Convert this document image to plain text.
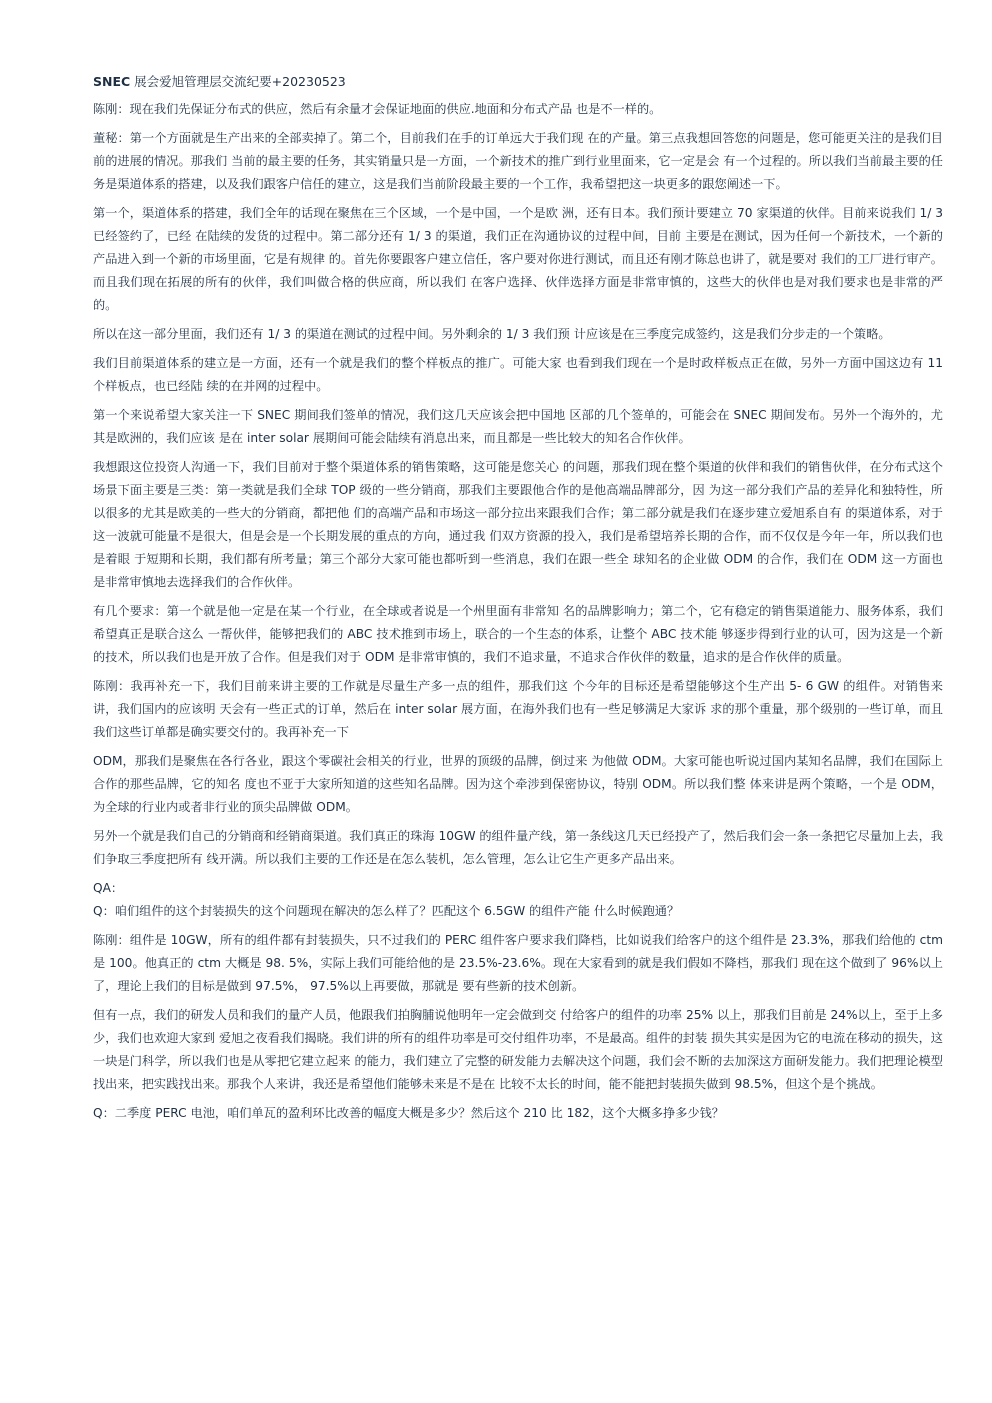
SNEC 展会爱旭管理层交流纪要+20230523

陈刚：现在我们先保证分布式的供应，然后有余量才会保证地面的供应.地面和分布式产品 也是不一样的。

董秘：第一个方面就是生产出来的全部卖掉了。第二个，目前我们在手的订单远大于我们现 在的产量。第三点我想回答您的问题是，您可能更关注的是我们目前的进展的情况。那我们 当前的最主要的任务，其实销量只是一方面，一个新技术的推广到行业里面来，它一定是会 有一个过程的。所以我们当前最主要的任务是渠道体系的搭建，以及我们跟客户信任的建立，这是我们当前阶段最主要的一个工作，我希望把这一块更多的跟您阐述一下。

第一个，渠道体系的搭建，我们全年的话现在聚焦在三个区域，一个是中国，一个是欧 洲，还有日本。我们预计要建立 70 家渠道的伙伴。目前来说我们 1/ 3 已经签约了，已经 在陆续的发货的过程中。第二部分还有 1/ 3 的渠道，我们正在沟通协议的过程中间，目前 主要是在测试，因为任何一个新技术，一个新的产品进入到一个新的市场里面，它是有规律 的。首先你要跟客户建立信任，客户要对你进行测试，而且还有刚才陈总也讲了，就是要对 我们的工厂进行审产。而且我们现在拓展的所有的伙伴，我们叫做合格的供应商，所以我们 在客户选择、伙伴选择方面是非常审慎的，这些大的伙伴也是对我们要求也是非常的严的。

所以在这一部分里面，我们还有 1/ 3 的渠道在测试的过程中间。另外剩余的 1/ 3 我们预 计应该是在三季度完成签约，这是我们分步走的一个策略。

我们目前渠道体系的建立是一方面，还有一个就是我们的整个样板点的推广。可能大家 也看到我们现在一个是时政样板点正在做，另外一方面中国这边有 11 个样板点，也已经陆 续的在并网的过程中。

第一个来说希望大家关注一下 SNEC 期间我们签单的情况，我们这几天应该会把中国地 区部的几个签单的，可能会在 SNEC 期间发布。另外一个海外的，尤其是欧洲的，我们应该 是在 inter solar 展期间可能会陆续有消息出来，而且都是一些比较大的知名合作伙伴。

我想跟这位投资人沟通一下，我们目前对于整个渠道体系的销售策略，这可能是您关心 的问题，那我们现在整个渠道的伙伴和我们的销售伙伴，在分布式这个场景下面主要是三类：第一类就是我们全球 TOP 级的一些分销商，那我们主要跟他合作的是他高端品牌部分，因 为这一部分我们产品的差异化和独特性，所以很多的尤其是欧美的一些大的分销商，都把他 们的高端产品和市场这一部分拉出来跟我们合作；第二部分就是我们在逐步建立爱旭系自有 的渠道体系，对于这一波就可能量不是很大，但是会是一个长期发展的重点的方向，通过我 们双方资源的投入，我们是希望培养长期的合作，而不仅仅是今年一年，所以我们也是着眼 于短期和长期，我们都有所考量；第三个部分大家可能也都听到一些消息，我们在跟一些全 球知名的企业做 ODM 的合作，我们在 ODM 这一方面也是非常审慎地去选择我们的合作伙伴。

有几个要求：第一个就是他一定是在某一个行业，在全球或者说是一个州里面有非常知 名的品牌影响力；第二个，它有稳定的销售渠道能力、服务体系，我们希望真正是联合这么 一帮伙伴，能够把我们的 ABC 技术推到市场上，联合的一个生态的体系，让整个 ABC 技术能 够逐步得到行业的认可，因为这是一个新的技术，所以我们也是开放了合作。但是我们对于 ODM 是非常审慎的，我们不追求量，不追求合作伙伴的数量，追求的是合作伙伴的质量。

陈刚：我再补充一下，我们目前来讲主要的工作就是尽量生产多一点的组件，那我们这 个今年的目标还是希望能够这个生产出 5- 6 GW 的组件。对销售来讲，我们国内的应该明 天会有一些正式的订单，然后在 inter solar 展方面，在海外我们也有一些足够满足大家诉 求的那个重量，那个级别的一些订单，而且我们这些订单都是确实要交付的。我再补充一下

ODM，那我们是聚焦在各行各业，跟这个零碳社会相关的行业，世界的顶级的品牌，倒过来 为他做 ODM。大家可能也听说过国内某知名品牌，我们在国际上合作的那些品牌，它的知名 度也不亚于大家所知道的这些知名品牌。因为这个牵涉到保密协议，特别 ODM。所以我们整 体来讲是两个策略，一个是 ODM，为全球的行业内或者非行业的顶尖品牌做 ODM。

另外一个就是我们自己的分销商和经销商渠道。我们真正的珠海 10GW 的组件量产线，第一条线这几天已经投产了，然后我们会一条一条把它尽量加上去，我们争取三季度把所有 线开满。所以我们主要的工作还是在怎么装机，怎么管理，怎么让它生产更多产品出来。

QA：

Q：咱们组件的这个封装损失的这个问题现在解决的怎么样了？匹配这个 6.5GW 的组件产能 什么时候跑通？

陈刚：组件是 10GW，所有的组件都有封装损失，只不过我们的 PERC 组件客户要求我们降档，比如说我们给客户的这个组件是 23.3%，那我们给他的 ctm 是 100。他真正的 ctm 大概是 98. 5%，实际上我们可能给他的是 23.5%-23.6%。现在大家看到的就是我们假如不降档，那我们 现在这个做到了 96%以上了，理论上我们的目标是做到 97.5%， 97.5%以上再要做，那就是 要有些新的技术创新。

但有一点，我们的研发人员和我们的量产人员，他跟我们拍胸脯说他明年一定会做到交 付给客户的组件的功率 25% 以上，那我们目前是 24%以上，至于上多少，我们也欢迎大家到 爱旭之夜看我们揭晓。我们讲的所有的组件功率是可交付组件功率，不是最高。组件的封装 损失其实是因为它的电流在移动的损失，这一块是门科学，所以我们也是从零把它建立起来 的能力，我们建立了完整的研发能力去解决这个问题，我们会不断的去加深这方面研发能力。我们把理论模型找出来，把实践找出来。那我个人来讲，我还是希望他们能够未来是不是在 比较不太长的时间，能不能把封装损失做到 98.5%，但这个是个挑战。

Q：二季度 PERC 电池，咱们单瓦的盈利环比改善的幅度大概是多少？然后这个 210 比 182，这个大概多挣多少钱？
